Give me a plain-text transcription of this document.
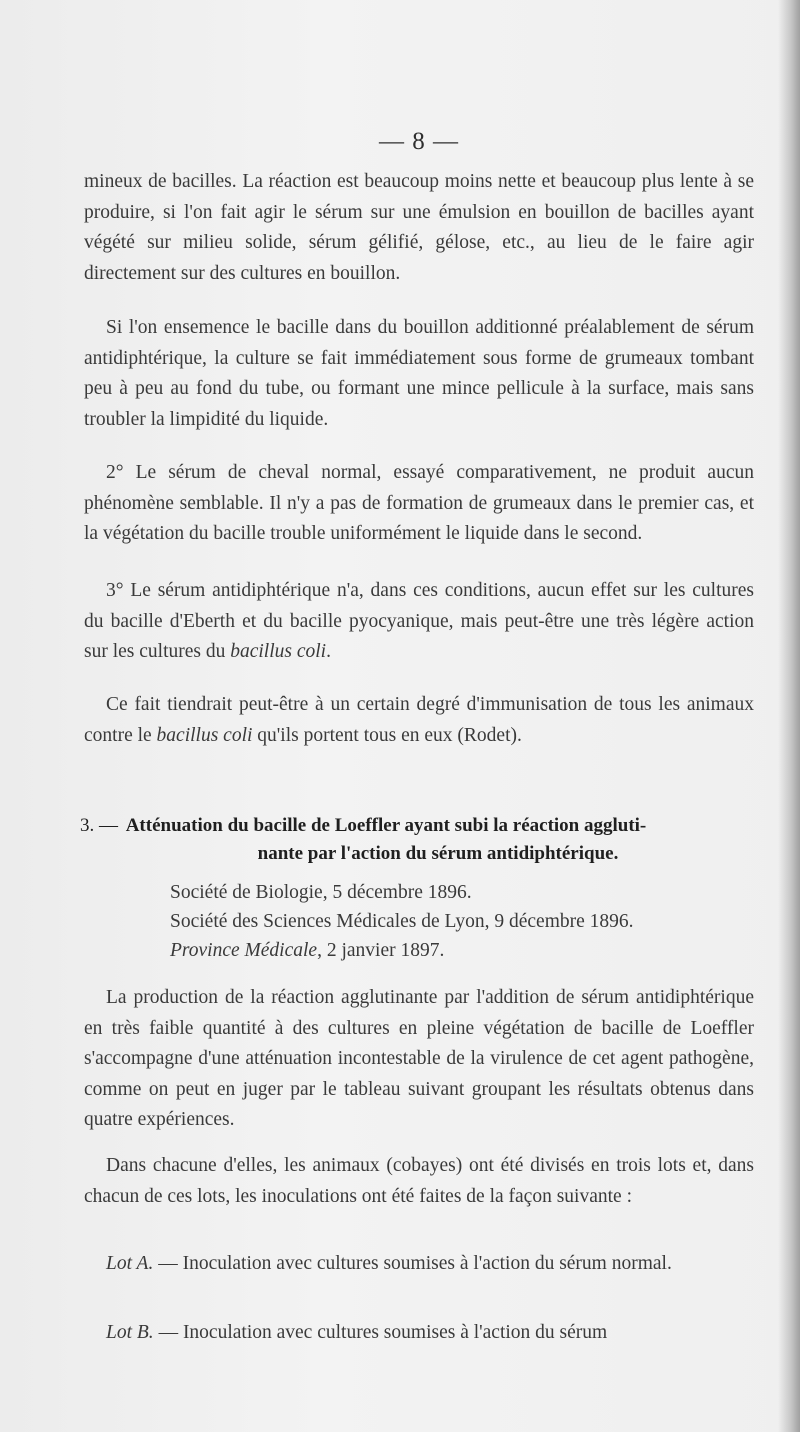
— 8 —

mineux de bacilles. La réaction est beaucoup moins nette et beaucoup plus lente à se produire, si l'on fait agir le sérum sur une émulsion en bouillon de bacilles ayant végété sur milieu solide, sérum gélifié, gélose, etc., au lieu de le faire agir directement sur des cultures en bouillon.

Si l'on ensemence le bacille dans du bouillon additionné préalablement de sérum antidiphtérique, la culture se fait immédiatement sous forme de grumeaux tombant peu à peu au fond du tube, ou formant une mince pellicule à la surface, mais sans troubler la limpidité du liquide.

2° Le sérum de cheval normal, essayé comparativement, ne produit aucun phénomène semblable. Il n'y a pas de formation de grumeaux dans le premier cas, et la végétation du bacille trouble uniformément le liquide dans le second.

3° Le sérum antidiphtérique n'a, dans ces conditions, aucun effet sur les cultures du bacille d'Eberth et du bacille pyocyanique, mais peut-être une très légère action sur les cultures du bacillus coli.

Ce fait tiendrait peut-être à un certain degré d'immunisation de tous les animaux contre le bacillus coli qu'ils portent tous en eux (Rodet).

3. — Atténuation du bacille de Loeffler ayant subi la réaction aggluti-
nante par l'action du sérum antidiphtérique.
Société de Biologie, 5 décembre 1896.
Société des Sciences Médicales de Lyon, 9 décembre 1896.
Province Médicale, 2 janvier 1897.

La production de la réaction agglutinante par l'addition de sérum antidiphtérique en très faible quantité à des cultures en pleine végétation de bacille de Loeffler s'accompagne d'une atténuation incontestable de la virulence de cet agent pathogène, comme on peut en juger par le tableau suivant groupant les résultats obtenus dans quatre expériences.

Dans chacune d'elles, les animaux (cobayes) ont été divisés en trois lots et, dans chacun de ces lots, les inoculations ont été faites de la façon suivante :

Lot A. — Inoculation avec cultures soumises à l'action du sérum normal.

Lot B. — Inoculation avec cultures soumises à l'action du sérum
